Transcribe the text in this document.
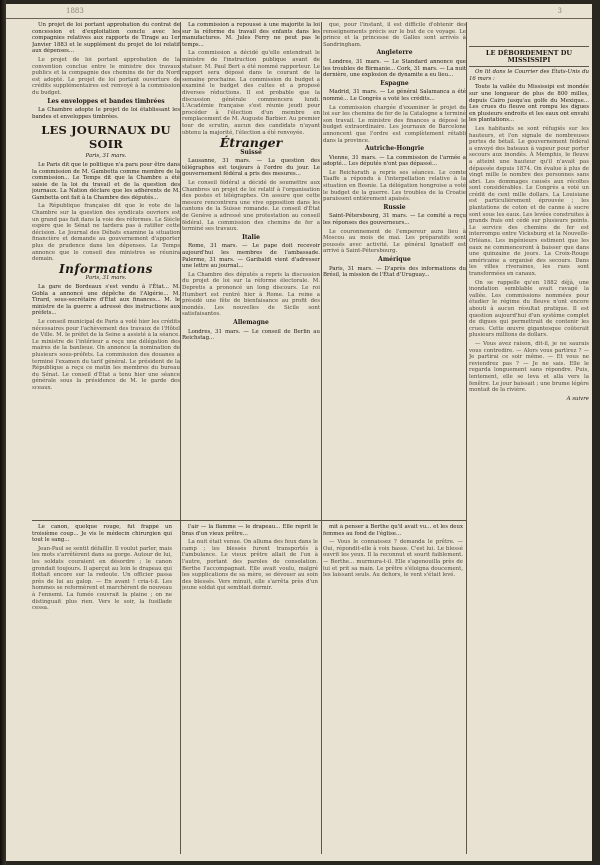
1883	3

Un projet de loi portant approbation du contrat de concession et d'exploitation conclu avec les compagnies relatives aux rapports de Tirage au 1er Janvier 1883 et le supplément du projet de loi relatif aux dépenses...

Le projet de loi portant approbation de la convention conclue entre le ministre des travaux publics et la compagnie des chemins de fer du Nord est adopté. Le projet de loi portant ouverture de crédits supplémentaires est renvoyé à la commission du budget.

Les enveloppes et bandes timbrées

La Chambre adopte le projet de loi établissant les bandes et enveloppes timbrées.

LES JOURNAUX DU SOIR

Paris, 31 mars.

Le Paris dit que le politique n'a paru pour être dans la commission de M. Gambetta comme membre de la commission... Le Temps dit que la Chambre a été saisie de la loi du travail et de la question des journaux. La Nation déclare que les adhérents de M. Gambetta ont fait à la Chambre des députés...

La République française dit que le vote de la Chambre sur la question des syndicats ouvriers est un grand pas fait dans la voie des réformes. Le Siècle espère que le Sénat ne tardera pas à ratifier cette décision. Le Journal des Débats examine la situation financière et demande au gouvernement d'apporter plus de prudence dans les dépenses. Le Temps annonce que le conseil des ministres se réunira demain.

Informations

Paris, 31 mars.

La gare de Bordeaux s'est vendu à l'État... M. Gobla a annoncé une dépêche de l'Algérie... M. Tirard, sous-secrétaire d'État aux finances... M. le ministre de la guerre a adressé des instructions aux préfets...

Le conseil municipal de Paris a voté hier les crédits nécessaires pour l'achèvement des travaux de l'Hôtel de Ville. M. le préfet de la Seine a assisté à la séance. Le ministre de l'intérieur a reçu une délégation des maires de la banlieue. On annonce la nomination de plusieurs sous-préfets. La commission des douanes a terminé l'examen du tarif général. Le président de la République a reçu ce matin les membres du bureau du Sénat. Le conseil d'État a tenu hier une séance générale sous la présidence de M. le garde des sceaux.

La commission a repoussé à une majorité la loi sur la réforme du travail des enfants dans les manufactures. M. Jules Ferry ne peut pas le temps...

La commission a décidé qu'elle entendrait le ministre de l'instruction publique avant de statuer. M. Paul Bert a été nommé rapporteur. Le rapport sera déposé dans le courant de la semaine prochaine. La commission du budget a examiné le budget des cultes et a proposé diverses réductions. Il est probable que la discussion générale commencera lundi. L'Académie française s'est réunie jeudi pour procéder à l'élection d'un membre en remplacement de M. Auguste Barbier. Au premier tour de scrutin, aucun des candidats n'ayant obtenu la majorité, l'élection a été renvoyée.

Étranger
Suisse

Lausanne, 31 mars. — La question des télégraphes est toujours à l'ordre du jour. Le gouvernement fédéral a pris des mesures...

Le conseil fédéral a décidé de soumettre aux Chambres un projet de loi relatif à l'organisation des postes et télégraphes. On assure que cette mesure rencontrera une vive opposition dans les cantons de la Suisse romande. Le conseil d'État de Genève a adressé une protestation au conseil fédéral. La commission des chemins de fer a terminé ses travaux.

Italie

Rome, 31 mars. — Le pape doit recevoir aujourd'hui les membres de l'ambassade. Palerme, 31 mars. — Garibaldi vient d'adresser une lettre au journal...

La Chambre des députés a repris la discussion du projet de loi sur la réforme électorale. M. Depretis a prononcé un long discours. Le roi Humbert est rentré hier à Rome. La reine a présidé une fête de bienfaisance au profit des inondés. Les nouvelles de Sicile sont satisfaisantes.

Allemagne

Londres, 31 mars. — Le conseil de Berlin au Reichstag...

que, pour l'instant, il est difficile d'obtenir des renseignements précis sur le but de ce voyage. Le prince et la princesse de Galles sont arrivés à Sandringham.

Angleterre

Londres, 31 mars. — Le Standard annonce que les troubles de Birmanie... Cork, 31 mars. — La nuit dernière, une explosion de dynamite a eu lieu...

Espagne

Madrid, 31 mars. — Le général Salamanca a été nommé... Le Congrès a voté les crédits...

La commission chargée d'examiner le projet de loi sur les chemins de fer de la Catalogne a terminé son travail. Le ministre des finances a déposé le budget extraordinaire. Les journaux de Barcelone annoncent que l'ordre est complètement rétabli dans la province.

Autriche-Hongrie

Vienne, 31 mars. — La commission de l'armée a adopté... Les députés n'ont pas dépassé...

Le Reichsrath a repris ses séances. Le comte Taaffe a répondu à l'interpellation relative à la situation en Bosnie. La délégation hongroise a voté le budget de la guerre. Les troubles de la Croatie paraissent entièrement apaisés.

Russie

Saint-Pétersbourg, 31 mars. — Le comité a reçu les réponses des gouverneurs...

Le couronnement de l'empereur aura lieu à Moscou au mois de mai. Les préparatifs sont poussés avec activité. Le général Ignatieff est arrivé à Saint-Pétersbourg.

Amérique

Paris, 31 mars. — D'après des informations du Brésil, la mission de l'État d'Uruguay...

LE DÉBORDEMENT DU MISSISSIPI

On lit dans le Courrier des États-Unis du 16 mars :

Toute la vallée du Mississipi est inondée sur une longueur de plus de 800 milles, depuis Cairo jusqu'au golfe du Mexique... Les crues du fleuve ont rompu les digues en plusieurs endroits et les eaux ont envahi les plantations...

Les habitants se sont réfugiés sur les hauteurs, et l'on signale de nombreuses pertes de bétail. Le gouvernement fédéral a envoyé des bateaux à vapeur pour porter secours aux inondés. À Memphis, le fleuve a atteint une hauteur qu'il n'avait pas dépassée depuis 1874. On évalue à plus de vingt mille le nombre des personnes sans abri. Les dommages causés aux récoltes sont considérables. Le Congrès a voté un crédit de cent mille dollars. La Louisiane est particulièrement éprouvée ; les plantations de coton et de canne à sucre sont sous les eaux. Les levées construites à grands frais ont cédé sur plusieurs points. Le service des chemins de fer est interrompu entre Vicksburg et la Nouvelle-Orléans. Les ingénieurs estiment que les eaux ne commenceront à baisser que dans une quinzaine de jours. La Croix-Rouge américaine a organisé des secours. Dans les villes riveraines, les rues sont transformées en canaux.

On se rappelle qu'en 1882 déjà, une inondation semblable avait ravagé la vallée. Les commissions nommées pour étudier le régime du fleuve n'ont encore abouti à aucun résultat pratique. Il est question aujourd'hui d'un système complet de digues qui permettrait de contenir les crues. Cette œuvre gigantesque coûterait plusieurs millions de dollars.

— Vous avez raison, dit-il, je ne saurais vous contredire. — Alors vous partirez ? — Je partirai ce soir même. — Et vous ne reviendrez pas ? — Je ne sais. Elle le regarda longuement sans répondre. Puis, lentement, elle se leva et alla vers la fenêtre. Le jour baissait ; une brume légère montait de la rivière.

A suivre

Le canon, quelque rouge, fut frappé un troisième coup... Je vis le médecin chirurgien qui tout le sang...

Jean-Paul se sentit défaillir. Il voulut parler, mais les mots s'arrêtèrent dans sa gorge. Autour de lui, les soldats couraient en désordre ; le canon grondait toujours. Il aperçut au loin le drapeau qui flottait encore sur la redoute. Un officier passa près de lui au galop. — En avant ! cria-t-il. Les hommes se reformèrent et marchèrent de nouveau à l'ennemi. La fumée couvrait la plaine ; on ne distinguait plus rien. Vers le soir, la fusillade cessa.

l'air — la flamme — le drapeau... Elle reprit le bras d'un vieux prêtre...

La nuit était venue. On alluma des feux dans le camp ; les blessés furent transportés à l'ambulance. Le vieux prêtre allait de l'un à l'autre, portant des paroles de consolation. Berthe l'accompagnait. Elle avait voulu, malgré les supplications de sa mère, se dévouer au soin des blessés. Vers minuit, elle s'arrêta près d'un jeune soldat qui semblait dormir.

mit à penser à Berthe qu'il avait vu... et les deux femmes au fond de l'église...

— Vous le connaissez ? demanda le prêtre. — Oui, répondit-elle à voix basse. C'est lui. Le blessé ouvrit les yeux. Il la reconnut et sourit faiblement. — Berthe… murmura-t-il. Elle s'agenouilla près de lui et prit sa main. Le prêtre s'éloigna doucement, les laissant seuls. Au dehors, le vent s'était levé.
